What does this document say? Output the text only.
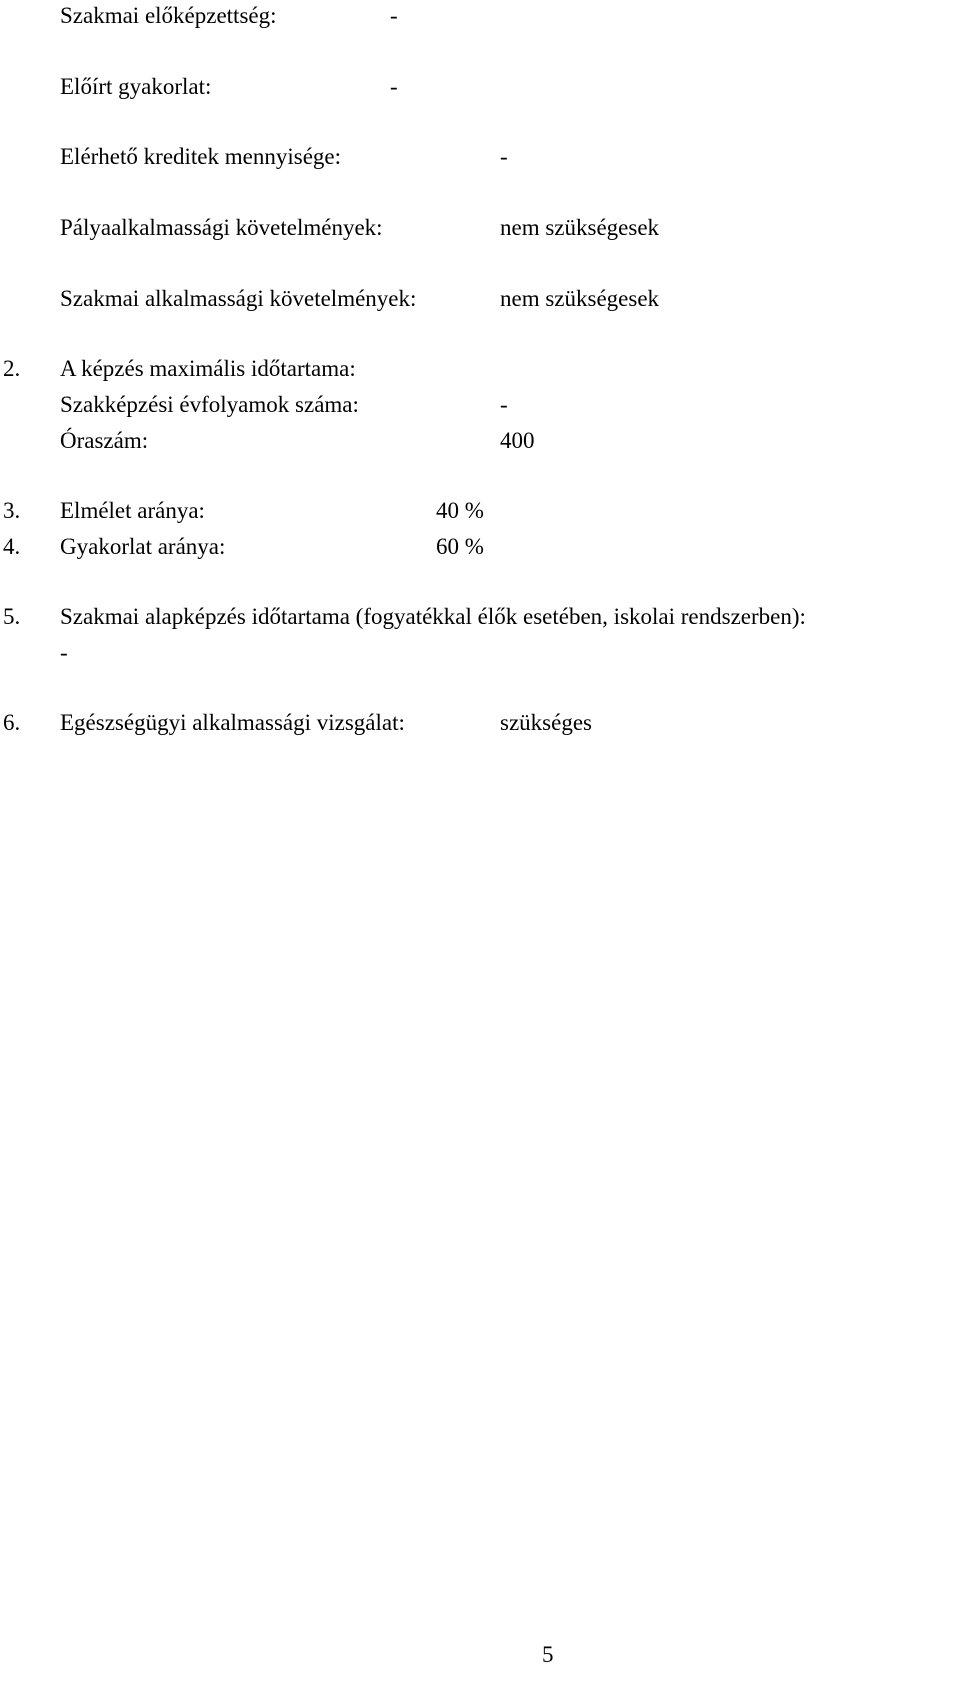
Szakmai előképzettség:	-
Előírt gyakorlat:	-
Elérhető kreditek mennyisége:	-
Pályaalkalmassági követelmények:	nem szükségesek
Szakmai alkalmassági követelmények:	nem szükségesek
2. A képzés maximális időtartama:
Szakképzési évfolyamok száma:	-
Óraszám:	400
3. Elmélet aránya:	40 %
4. Gyakorlat aránya:	60 %
5. Szakmai alapképzés időtartama (fogyatékkal élők esetében, iskolai rendszerben):
-
6. Egészségügyi alkalmassági vizsgálat:	szükséges
5
